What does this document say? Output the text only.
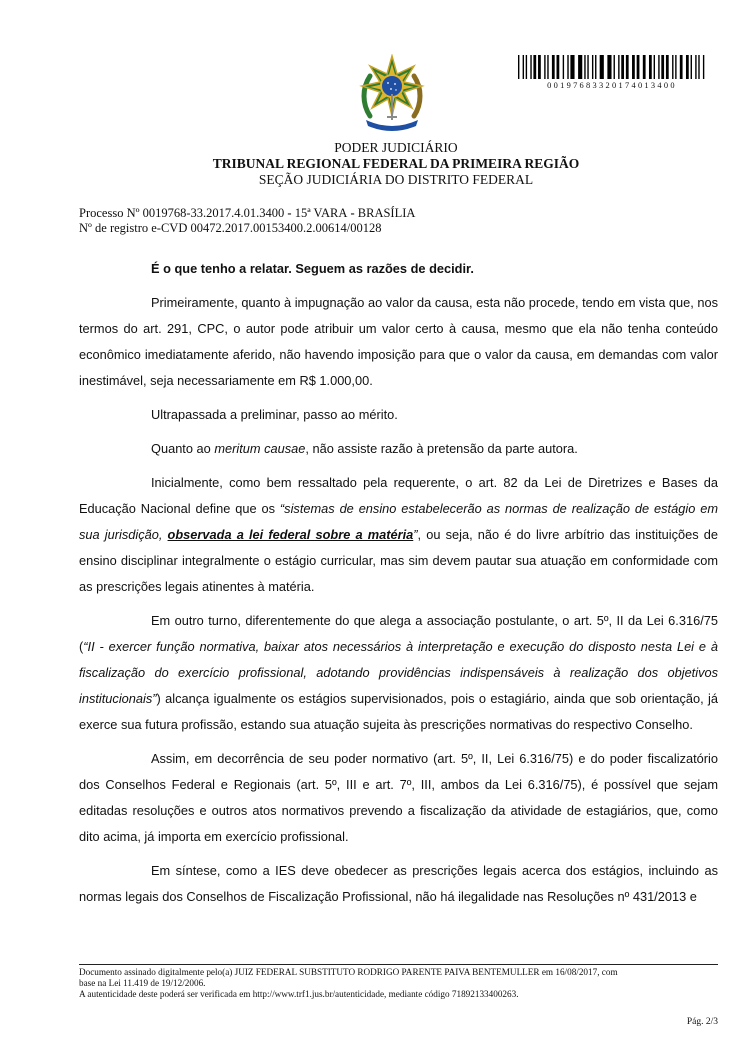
00197683320174013400
PODER JUDICIÁRIO
TRIBUNAL REGIONAL FEDERAL DA PRIMEIRA REGIÃO
SEÇÃO JUDICIÁRIA DO DISTRITO FEDERAL
Processo Nº 0019768-33.2017.4.01.3400 - 15ª VARA - BRASÍLIA
Nº de registro e-CVD 00472.2017.00153400.2.00614/00128

É o que tenho a relatar. Seguem as razões de decidir.

Primeiramente, quanto à impugnação ao valor da causa, esta não procede, tendo em vista que, nos termos do art. 291, CPC, o autor pode atribuir um valor certo à causa, mesmo que ela não tenha conteúdo econômico imediatamente aferido, não havendo imposição para que o valor da causa, em demandas com valor inestimável, seja necessariamente em R$ 1.000,00.

Ultrapassada a preliminar, passo ao mérito.

Quanto ao meritum causae, não assiste razão à pretensão da parte autora.

Inicialmente, como bem ressaltado pela requerente, o art. 82 da Lei de Diretrizes e Bases da Educação Nacional define que os “sistemas de ensino estabelecerão as normas de realização de estágio em sua jurisdição, observada a lei federal sobre a matéria”, ou seja, não é do livre arbítrio das instituições de ensino disciplinar integralmente o estágio curricular, mas sim devem pautar sua atuação em conformidade com as prescrições legais atinentes à matéria.

Em outro turno, diferentemente do que alega a associação postulante, o art. 5º, II da Lei 6.316/75 (“II - exercer função normativa, baixar atos necessários à interpretação e execução do disposto nesta Lei e à fiscalização do exercício profissional, adotando providências indispensáveis à realização dos objetivos institucionais”) alcança igualmente os estágios supervisionados, pois o estagiário, ainda que sob orientação, já exerce sua futura profissão, estando sua atuação sujeita às prescrições normativas do respectivo Conselho.

Assim, em decorrência de seu poder normativo (art. 5º, II, Lei 6.316/75) e do poder fiscalizatório dos Conselhos Federal e Regionais (art. 5º, III e art. 7º, III, ambos da Lei 6.316/75), é possível que sejam editadas resoluções e outros atos normativos prevendo a fiscalização da atividade de estagiários, que, como dito acima, já importa em exercício profissional.

Em síntese, como a IES deve obedecer as prescrições legais acerca dos estágios, incluindo as normas legais dos Conselhos de Fiscalização Profissional, não há ilegalidade nas Resoluções nº 431/2013 e

Documento assinado digitalmente pelo(a) JUIZ FEDERAL SUBSTITUTO RODRIGO PARENTE PAIVA BENTEMULLER em 16/08/2017, com
base na Lei 11.419 de 19/12/2006.
A autenticidade deste poderá ser verificada em http://www.trf1.jus.br/autenticidade, mediante código 71892133400263.
Pág. 2/3
